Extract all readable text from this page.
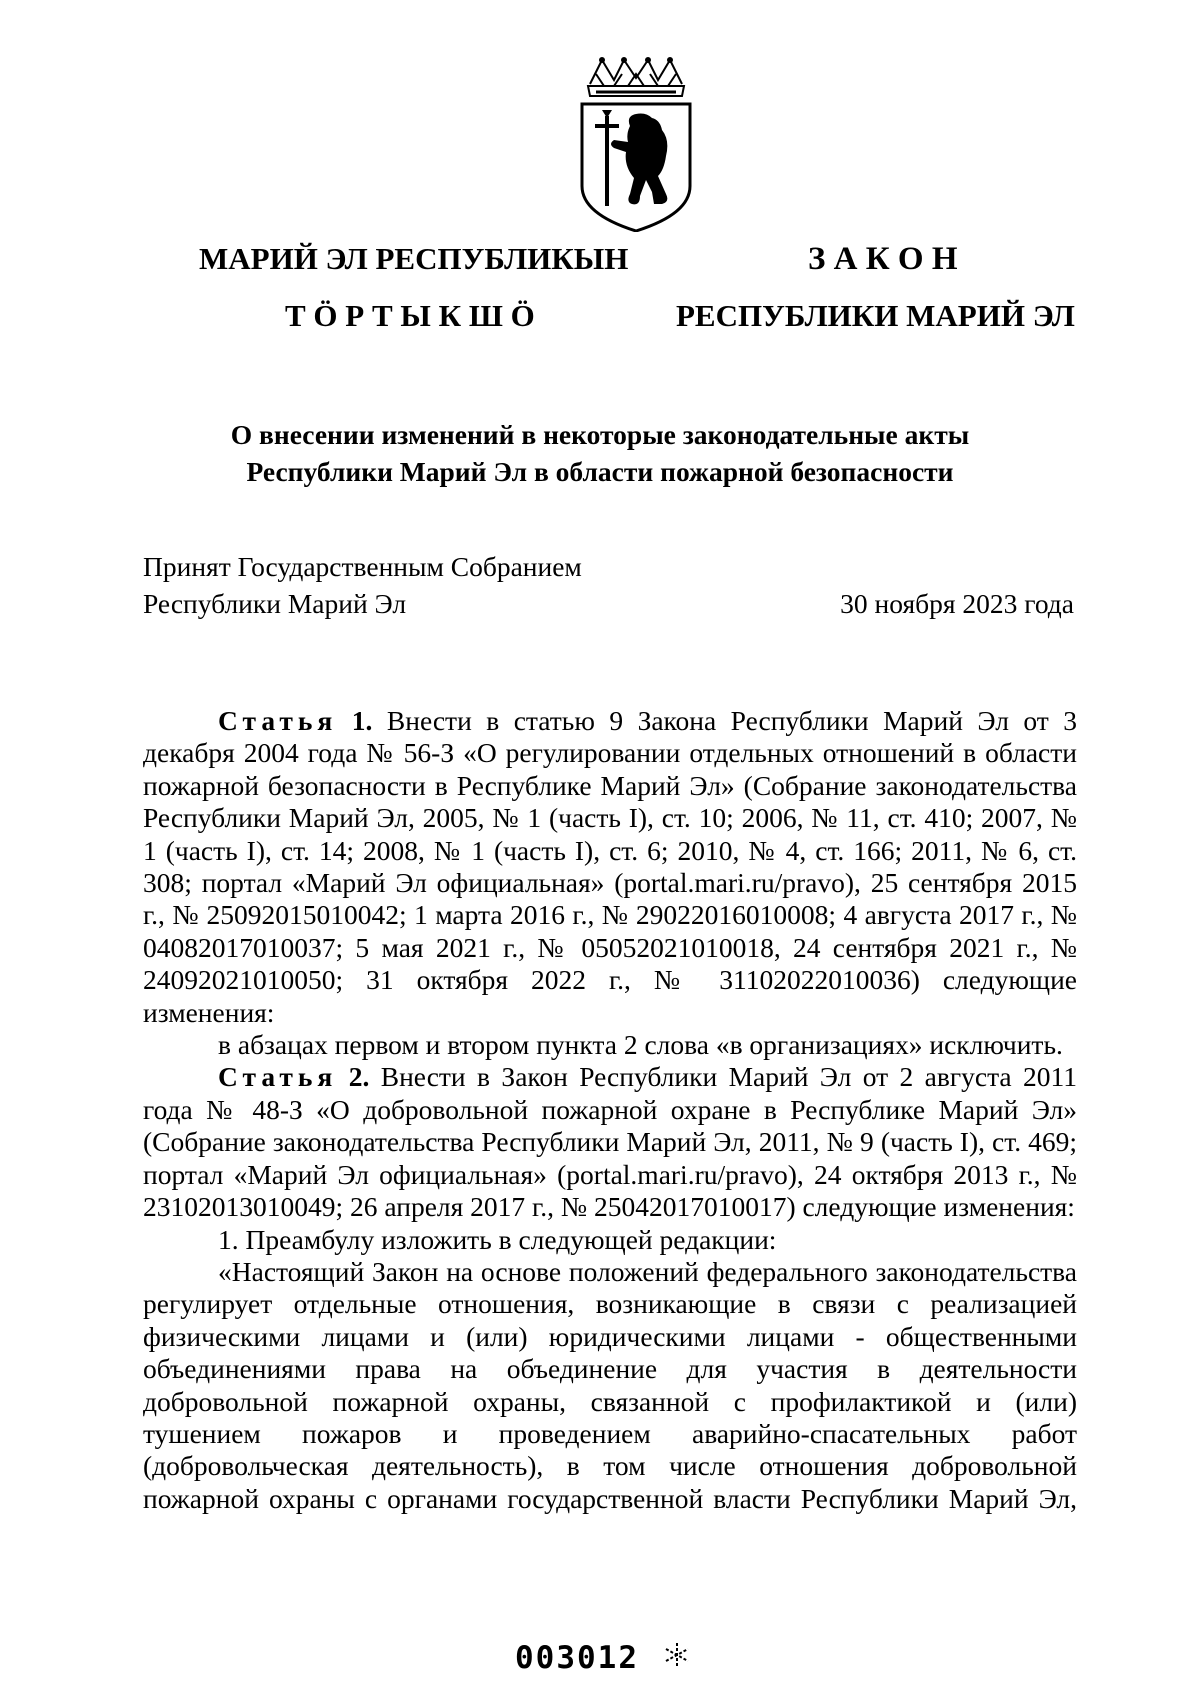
МАРИЙ ЭЛ РЕСПУБЛИКЫН
Т Ӧ Р Т Ы К Ш Ӧ
З А К О Н
РЕСПУБЛИКИ МАРИЙ ЭЛ
О внесении изменений в некоторые законодательные акты
Республики Марий Эл в области пожарной безопасности
Принят Государственным Собранием
Республики Марий Эл	30 ноября 2023 года

Статья 1. Внести в статью 9 Закона Республики Марий Эл от 3 декабря 2004 года № 56-З «О регулировании отдельных отношений в области пожарной безопасности в Республике Марий Эл» (Собрание законодательства Республики Марий Эл, 2005, № 1 (часть I), ст. 10; 2006, № 11, ст. 410; 2007, № 1 (часть I), ст. 14; 2008, № 1 (часть I), ст. 6; 2010, № 4, ст. 166; 2011, № 6, ст. 308; портал «Марий Эл официальная» (portal.mari.ru/pravo), 25 сентября 2015 г., № 25092015010042; 1 марта 2016 г., № 29022016010008; 4 августа 2017 г., № 04082017010037; 5 мая 2021 г., № 05052021010018, 24 сентября 2021 г., № 24092021010050; 31 октября 2022 г., № 31102022010036) следующие изменения:

в абзацах первом и втором пункта 2 слова «в организациях» исключить.

Статья 2. Внести в Закон Республики Марий Эл от 2 августа 2011 года № 48-З «О добровольной пожарной охране в Республике Марий Эл» (Собрание законодательства Республики Марий Эл, 2011, № 9 (часть I), ст. 469; портал «Марий Эл официальная» (portal.mari.ru/pravo), 24 октября 2013 г., № 23102013010049; 26 апреля 2017 г., № 25042017010017) следующие изменения:

1. Преамбулу изложить в следующей редакции:

«Настоящий Закон на основе положений федерального законодательства регулирует отдельные отношения, возникающие в связи с реализацией физическими лицами и (или) юридическими лицами - общественными объединениями права на объединение для участия в деятельности добровольной пожарной охраны, связанной с профилактикой и (или) тушением пожаров и проведением аварийно-спасательных работ (добровольческая деятельность), в том числе отношения добровольной пожарной охраны с органами государственной власти Республики Марий Эл,

003012
